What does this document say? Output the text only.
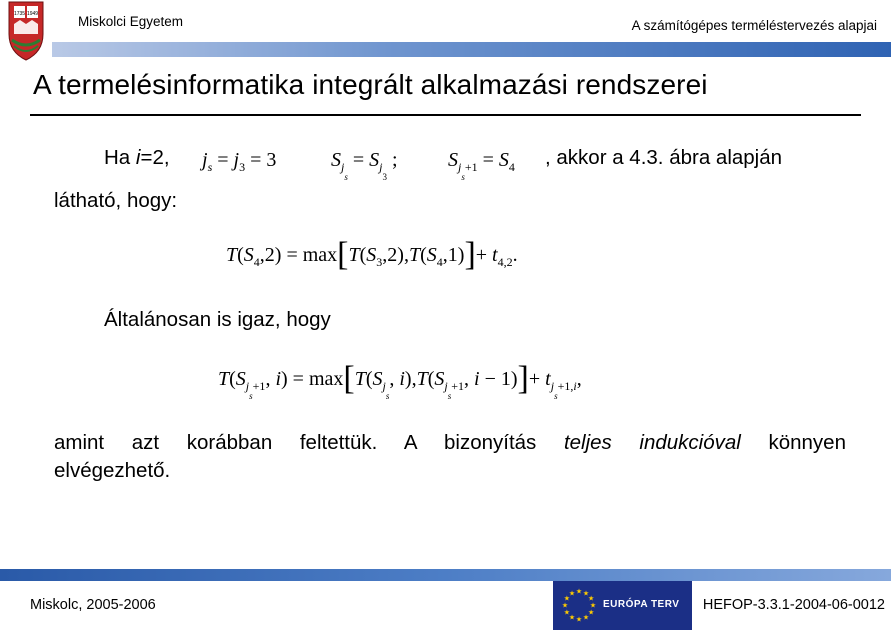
1735 1949	Miskolci Egyetem	A számítógépes terméléstervezés alapjai
A termelésinformatika integrált alkalmazási rendszerei
Ha i=2, $j_s = j_3 = 3$	$S_{j_s} = S_{j_3}$ ;	$S_{j_s+1} = S_4$ , akkor a 4.3. ábra alapján
látható, hogy:
$T(S_4,2) = \max[T(S_3,2),T(S_4,1)]+ t_{4,2}$.
Általánosan is igaz, hogy
$T(S_{j_s+1}$, $i) = \max[T(S_{j_s}$, $i),T(S_{j_s+1}$, $i - 1)]+ t_{j_s+1,i}$,
amint azt korábban feltettük. A bizonyítás teljes indukcióval könnyen
elvégezhető.
Miskolc, 2005-2006
★ ★
★
★
★
★
★
★
★
★
★
★
EURÓPA TERV HEFOP-3.3.1-2004-06-0012
